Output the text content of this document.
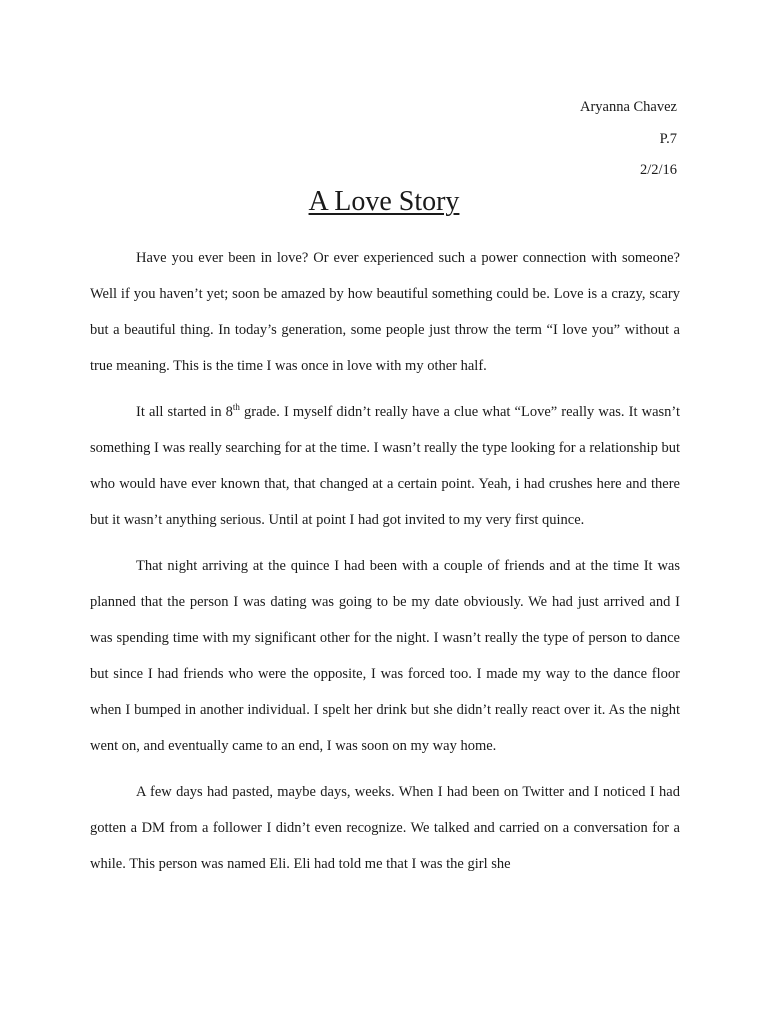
Aryanna Chavez
P.7
2/2/16
A Love Story

Have you ever been in love? Or ever experienced such a power connection with someone? Well if you haven’t yet; soon be amazed by how beautiful something could be. Love is a crazy, scary but a beautiful thing. In today’s generation, some people just throw the term “I love you” without a true meaning. This is the time I was once in love with my other half.

It all started in 8th grade. I myself didn’t really have a clue what “Love” really was. It wasn’t something I was really searching for at the time. I wasn’t really the type looking for a relationship but who would have ever known that, that changed at a certain point. Yeah, i had crushes here and there but it wasn’t anything serious. Until at point I had got invited to my very first quince.

That night arriving at the quince I had been with a couple of friends and at the time It was planned that the person I was dating was going to be my date obviously. We had just arrived and I was spending time with my significant other for the night. I wasn’t really the type of person to dance but since I had friends who were the opposite, I was forced too. I made my way to the dance floor when I bumped in another individual. I spelt her drink but she didn’t really react over it. As the night went on, and eventually came to an end, I was soon on my way home.

A few days had pasted, maybe days, weeks. When I had been on Twitter and I noticed I had gotten a DM from a follower I didn’t even recognize. We talked and carried on a conversation for a while. This person was named Eli. Eli had told me that I was the girl she
